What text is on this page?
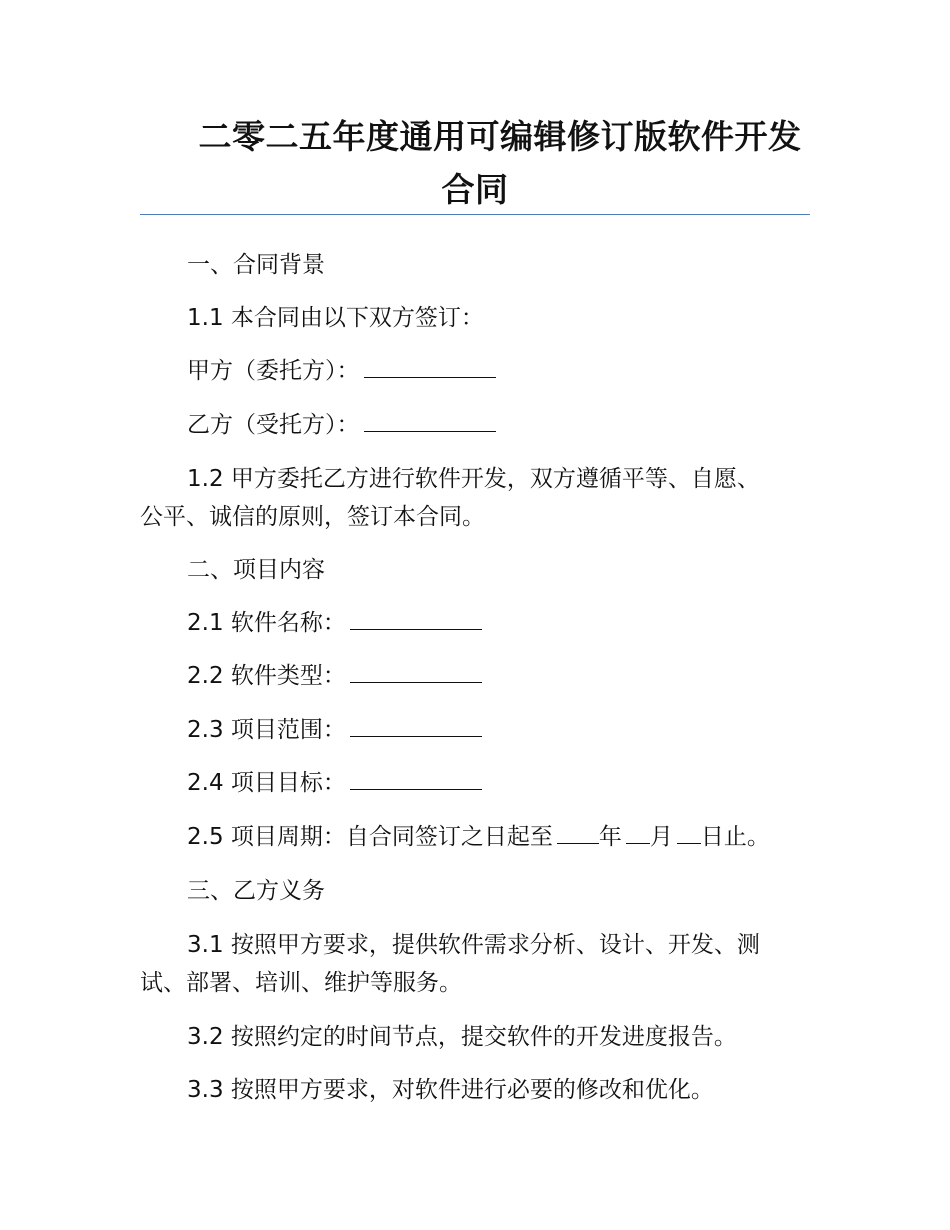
二零二五年度通用可编辑修订版软件开发
合同
一、合同背景
1.1 本合同由以下双方签订：
甲方（委托方）：
乙方（受托方）：
1.2 甲方委托乙方进行软件开发，双方遵循平等、自愿、
公平、诚信的原则，签订本合同。
二、项目内容
2.1 软件名称：
2.2 软件类型：
2.3 项目范围：
2.4 项目目标：
2.5 项目周期：自合同签订之日起至 年 月 日止。
三、乙方义务
3.1 按照甲方要求，提供软件需求分析、设计、开发、测
试、部署、培训、维护等服务。
3.2 按照约定的时间节点，提交软件的开发进度报告。
3.3 按照甲方要求，对软件进行必要的修改和优化。
